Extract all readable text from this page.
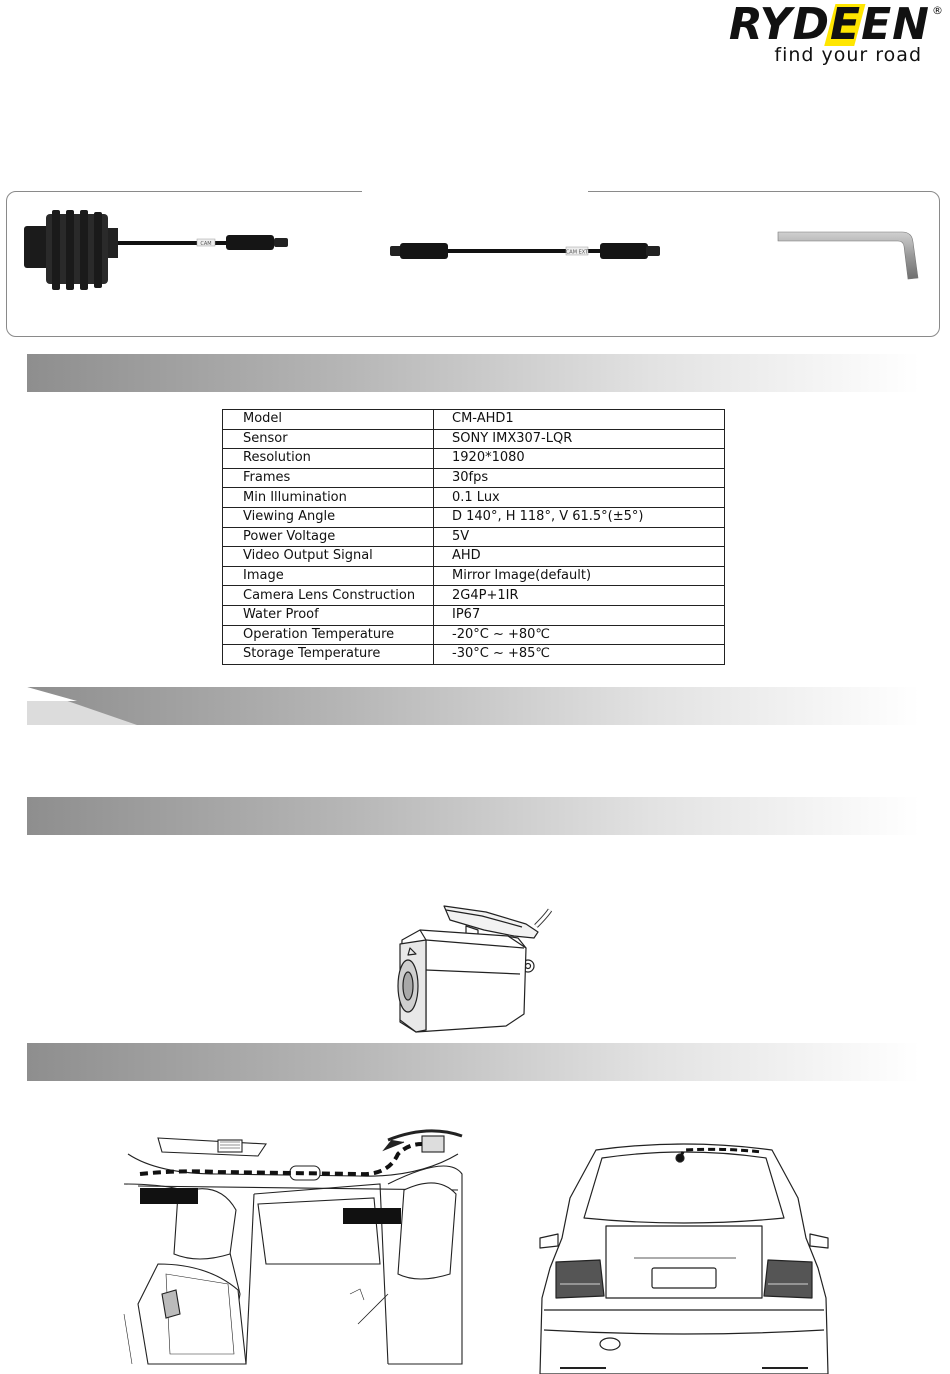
RYDEEN ®
find your road
CAM
CAM EXT
Model	CM-AHD1
Sensor	SONY IMX307-LQR
Resolution	1920*1080
Frames	30fps
Min Illumination	0.1 Lux
Viewing Angle	D 140°, H 118°, V 61.5°(±5°)
Power Voltage	5V
Video Output Signal	AHD
Image	Mirror Image(default)
Camera Lens Construction	2G4P+1IR
Water Proof	IP67
Operation Temperature	-20°C ~ +80℃
Storage Temperature	-30°C ~ +85℃
